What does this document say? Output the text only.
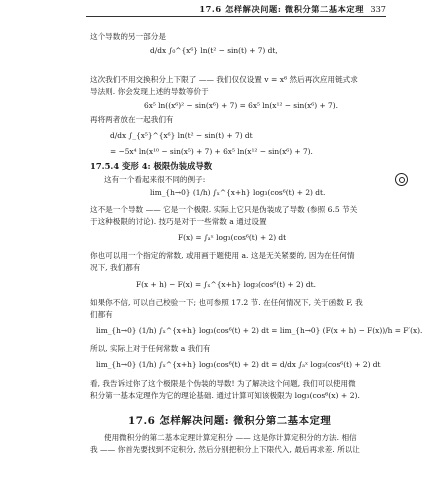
17.6 怎样解决问题: 微积分第二基本定理 337
这个导数的另一部分是
d/dx ∫₀^{x⁶} ln(t² − sin(t) + 7) dt,
这次我们不用交换积分上下限了 —— 我们仅仅设置 v = x⁶ 然后再次应用链式求
导法则. 你会发现上述的导数等价于
6x⁵ ln((x⁶)² − sin(x⁶) + 7) = 6x⁵ ln(x¹² − sin(x⁶) + 7).
再将两者放在一起我们有
d/dx ∫_{x⁵}^{x⁶} ln(t² − sin(t) + 7) dt
= −5x⁴ ln(x¹⁰ − sin(x⁵) + 7) + 6x⁵ ln(x¹² − sin(x⁶) + 7).
17.5.4 变形 4: 极限伪装成导数
这有一个看起来很不同的例子:
lim_{h→0} (1/h) ∫ₓ^{x+h} log₃(cos⁶(t) + 2) dt.
这不是一个导数 —— 它是一个极限. 实际上它只是伪装成了导数 (参照 6.5 节关
于这种极限的讨论). 技巧是对于一些常数 a 通过设置
F(x) = ∫ₐˣ log₃(cos⁶(t) + 2) dt
你也可以用一个指定的常数, 或用画于题使用 a. 这是无关紧要的, 因为在任何情
况下, 我们都有
F(x + h) − F(x) = ∫ₓ^{x+h} log₃(cos⁶(t) + 2) dt.
如果你不信, 可以自己校验一下; 也可参照 17.2 节. 在任何情况下, 关于函数 F, 我
们都有
lim_{h→0} (1/h) ∫ₓ^{x+h} log₃(cos⁶(t) + 2) dt = lim_{h→0} (F(x + h) − F(x))/h = F′(x).
所以, 实际上对于任何常数 a 我们有
lim_{h→0} (1/h) ∫ₓ^{x+h} log₃(cos⁶(t) + 2) dt = d/dx ∫ₐˣ log₃(cos⁶(t) + 2) dt
看, 我告诉过你了这个极限是个伪装的导数! 为了解决这个问题, 我们可以使用微
积分第一基本定理作为它的理论基础. 通过计算可知该极限为 log₃(cos⁶(x) + 2).
17.6 怎样解决问题: 微积分第二基本定理
使用微积分的第二基本定理计算定积分 —— 这是你计算定积分的方法. 相信
我 —— 你首先要找到不定积分, 然后分别把积分上下限代入, 最后再求差. 所以让
